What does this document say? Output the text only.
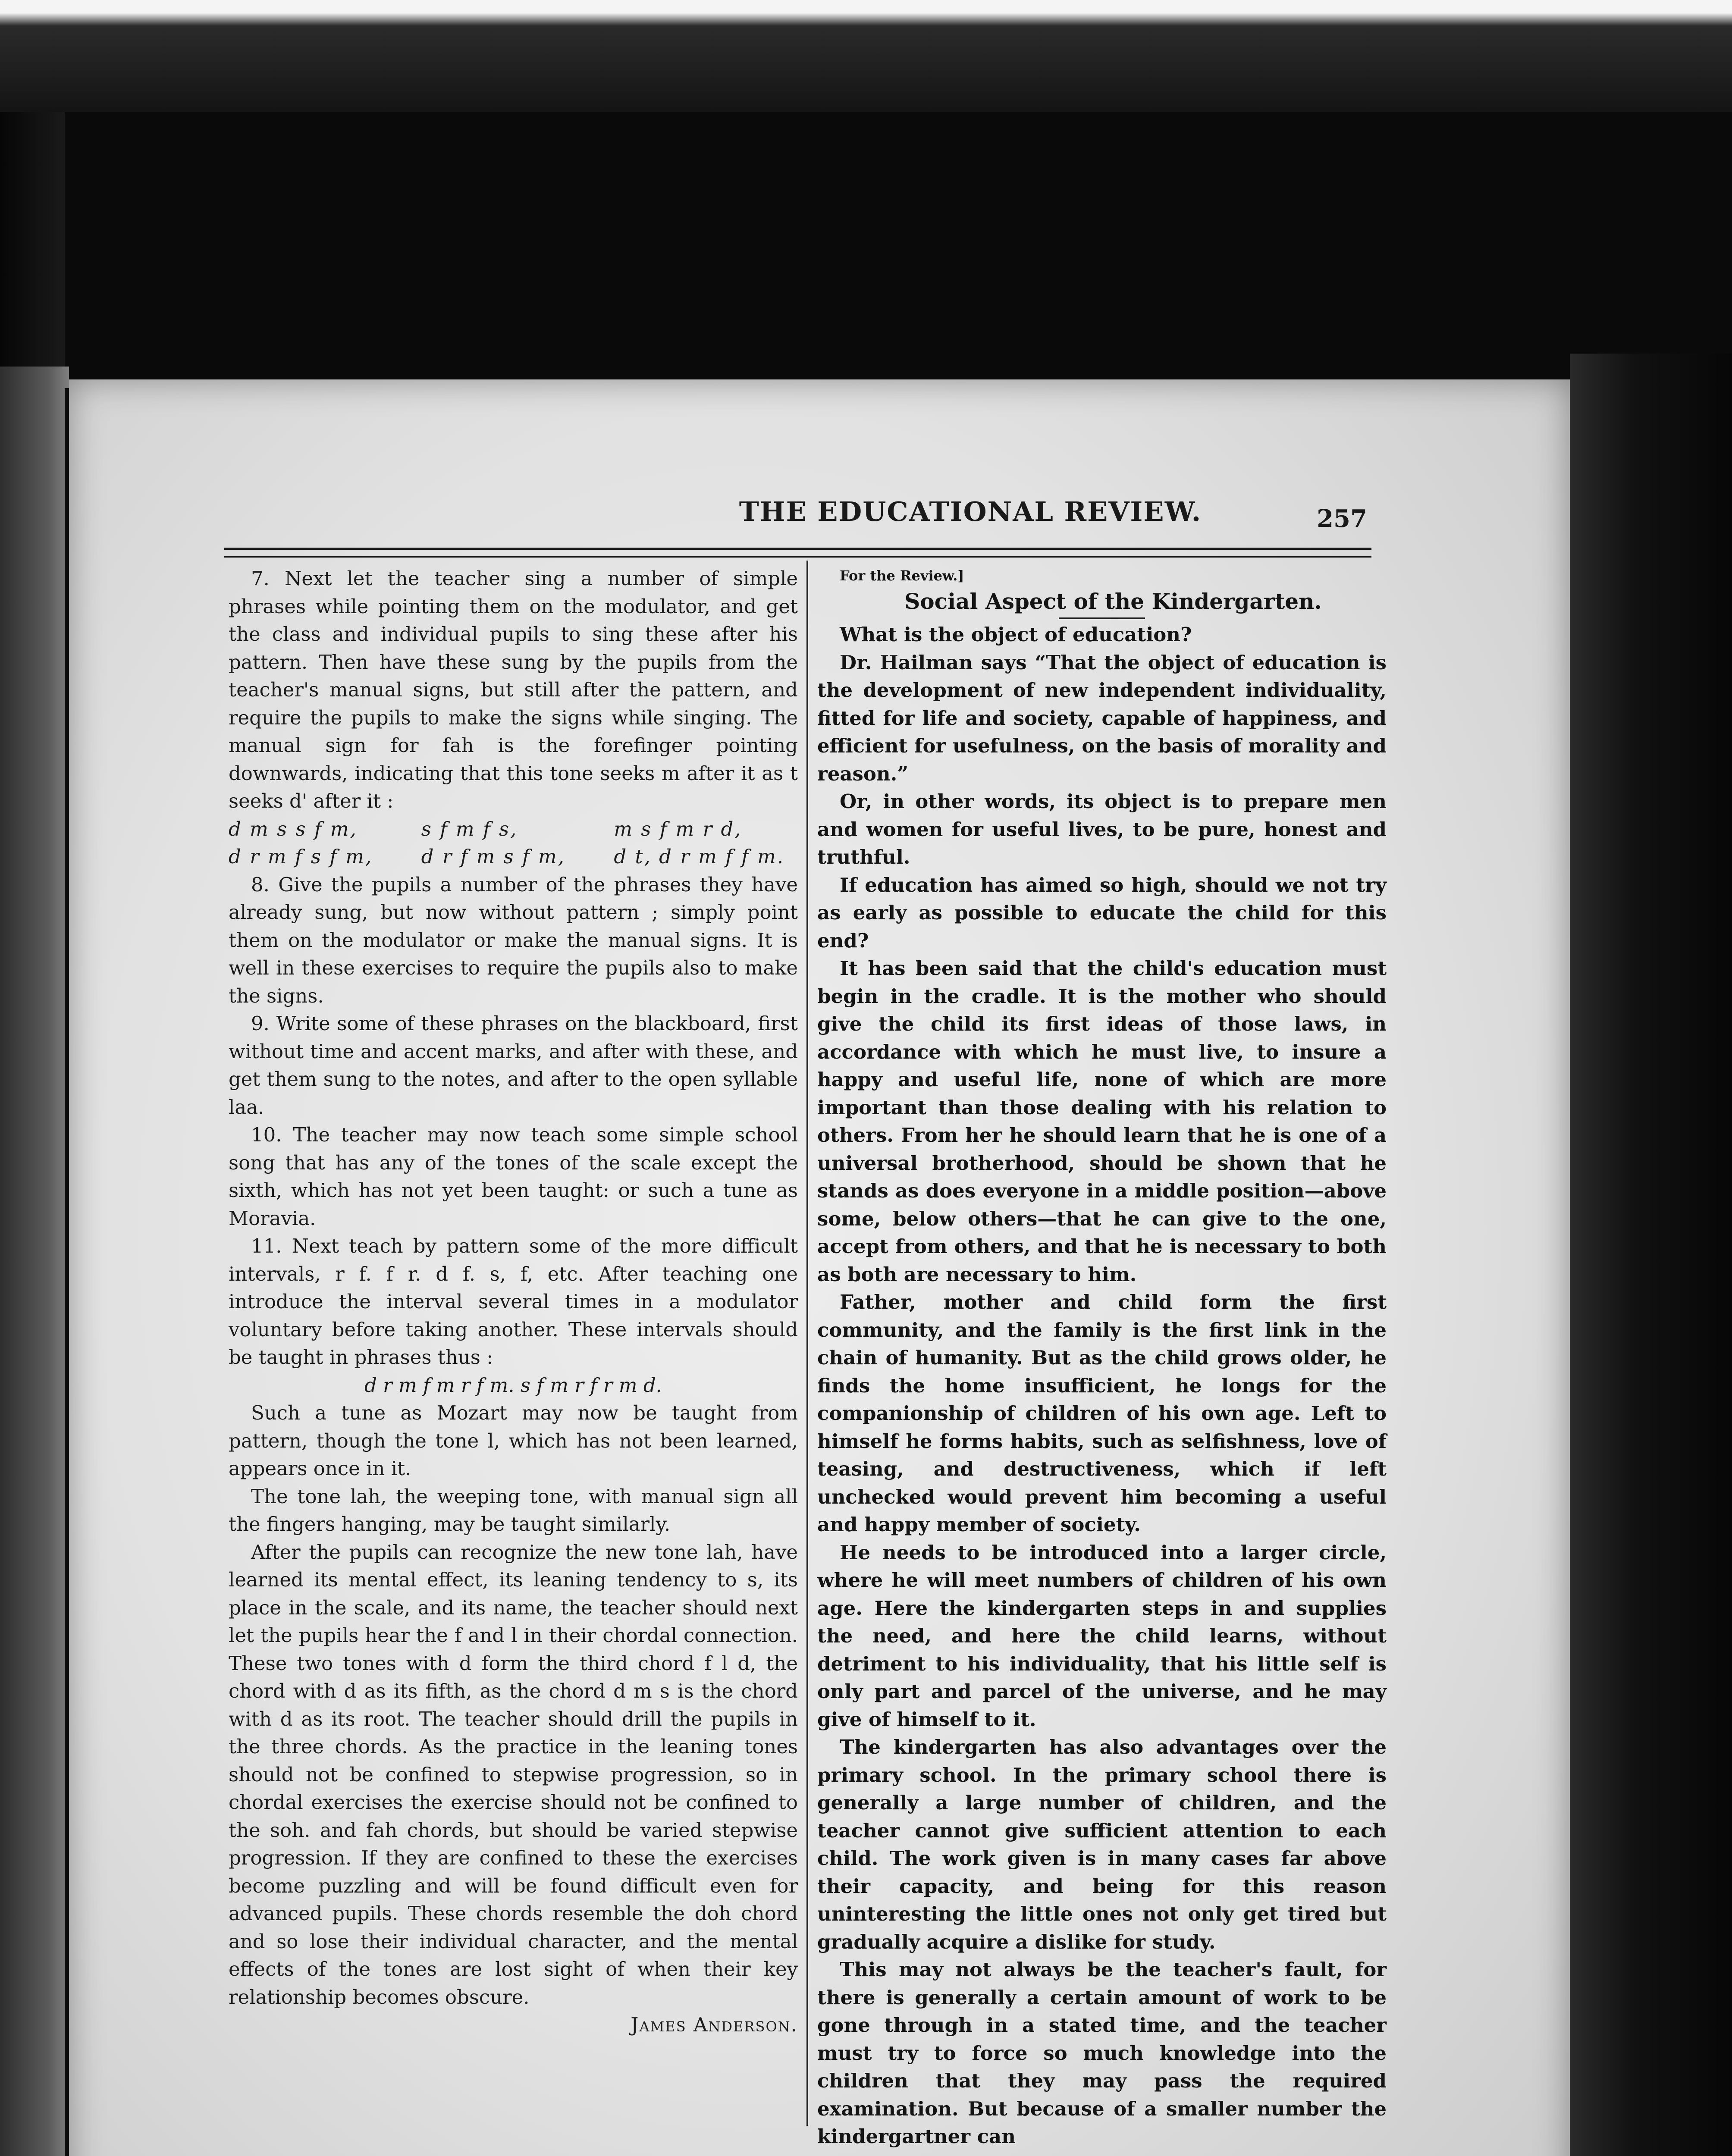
THE EDUCATIONAL REVIEW.	257

7. Next let the teacher sing a number of simple phrases while pointing them on the modulator, and get the class and individual pupils to sing these after his pattern. Then have these sung by the pupils from the teacher's manual signs, but still after the pattern, and require the pupils to make the signs while singing. The manual sign for fah is the forefinger pointing downwards, indicating that this tone seeks m after it as t seeks d' after it :

d m s s f m,	s f m f s,	m s f m r d,
d r m f s f m,	d r f m s f m,	d t, d r m f f m.

8. Give the pupils a number of the phrases they have already sung, but now without pattern ; simply point them on the modulator or make the manual signs. It is well in these exercises to require the pupils also to make the signs.

9. Write some of these phrases on the blackboard, first without time and accent marks, and after with these, and get them sung to the notes, and after to the open syllable laa.

10. The teacher may now teach some simple school song that has any of the tones of the scale except the sixth, which has not yet been taught: or such a tune as Moravia.

11. Next teach by pattern some of the more difficult intervals, r f. f r. d f. s, f, etc. After teaching one introduce the interval several times in a modulator voluntary before taking another. These intervals should be taught in phrases thus :

d r m f m r f m. s f m r f r m d.

Such a tune as Mozart may now be taught from pattern, though the tone l, which has not been learned, appears once in it.

The tone lah, the weeping tone, with manual sign all the fingers hanging, may be taught similarly.

After the pupils can recognize the new tone lah, have learned its mental effect, its leaning tendency to s, its place in the scale, and its name, the teacher should next let the pupils hear the f and l in their chordal connection. These two tones with d form the third chord f l d, the chord with d as its fifth, as the chord d m s is the chord with d as its root. The teacher should drill the pupils in the three chords. As the practice in the leaning tones should not be confined to stepwise progression, so in chordal exercises the exercise should not be confined to the soh. and fah chords, but should be varied stepwise progression. If they are confined to these the exercises become puzzling and will be found difficult even for advanced pupils. These chords resemble the doh chord and so lose their individual character, and the mental effects of the tones are lost sight of when their key relationship becomes obscure.

James Anderson.

For the Review.]

Social Aspect of the Kindergarten.

What is the object of education?

Dr. Hailman says “That the object of education is the development of new independent individuality, fitted for life and society, capable of happiness, and efficient for usefulness, on the basis of morality and reason.”

Or, in other words, its object is to prepare men and women for useful lives, to be pure, honest and truthful.

If education has aimed so high, should we not try as early as possible to educate the child for this end?

It has been said that the child's education must begin in the cradle. It is the mother who should give the child its first ideas of those laws, in accordance with which he must live, to insure a happy and useful life, none of which are more important than those dealing with his relation to others. From her he should learn that he is one of a universal brotherhood, should be shown that he stands as does everyone in a middle position—above some, below others—that he can give to the one, accept from others, and that he is necessary to both as both are necessary to him.

Father, mother and child form the first community, and the family is the first link in the chain of humanity. But as the child grows older, he finds the home insufficient, he longs for the companionship of children of his own age. Left to himself he forms habits, such as selfishness, love of teasing, and destructiveness, which if left unchecked would prevent him becoming a useful and happy member of society.

He needs to be introduced into a larger circle, where he will meet numbers of children of his own age. Here the kindergarten steps in and supplies the need, and here the child learns, without detriment to his individuality, that his little self is only part and parcel of the universe, and he may give of himself to it.

The kindergarten has also advantages over the primary school. In the primary school there is generally a large number of children, and the teacher cannot give sufficient attention to each child. The work given is in many cases far above their capacity, and being for this reason uninteresting the little ones not only get tired but gradually acquire a dislike for study.

This may not always be the teacher's fault, for there is generally a certain amount of work to be gone through in a stated time, and the teacher must try to force so much knowledge into the children that they may pass the required examination. But because of a smaller number the kindergartner can
